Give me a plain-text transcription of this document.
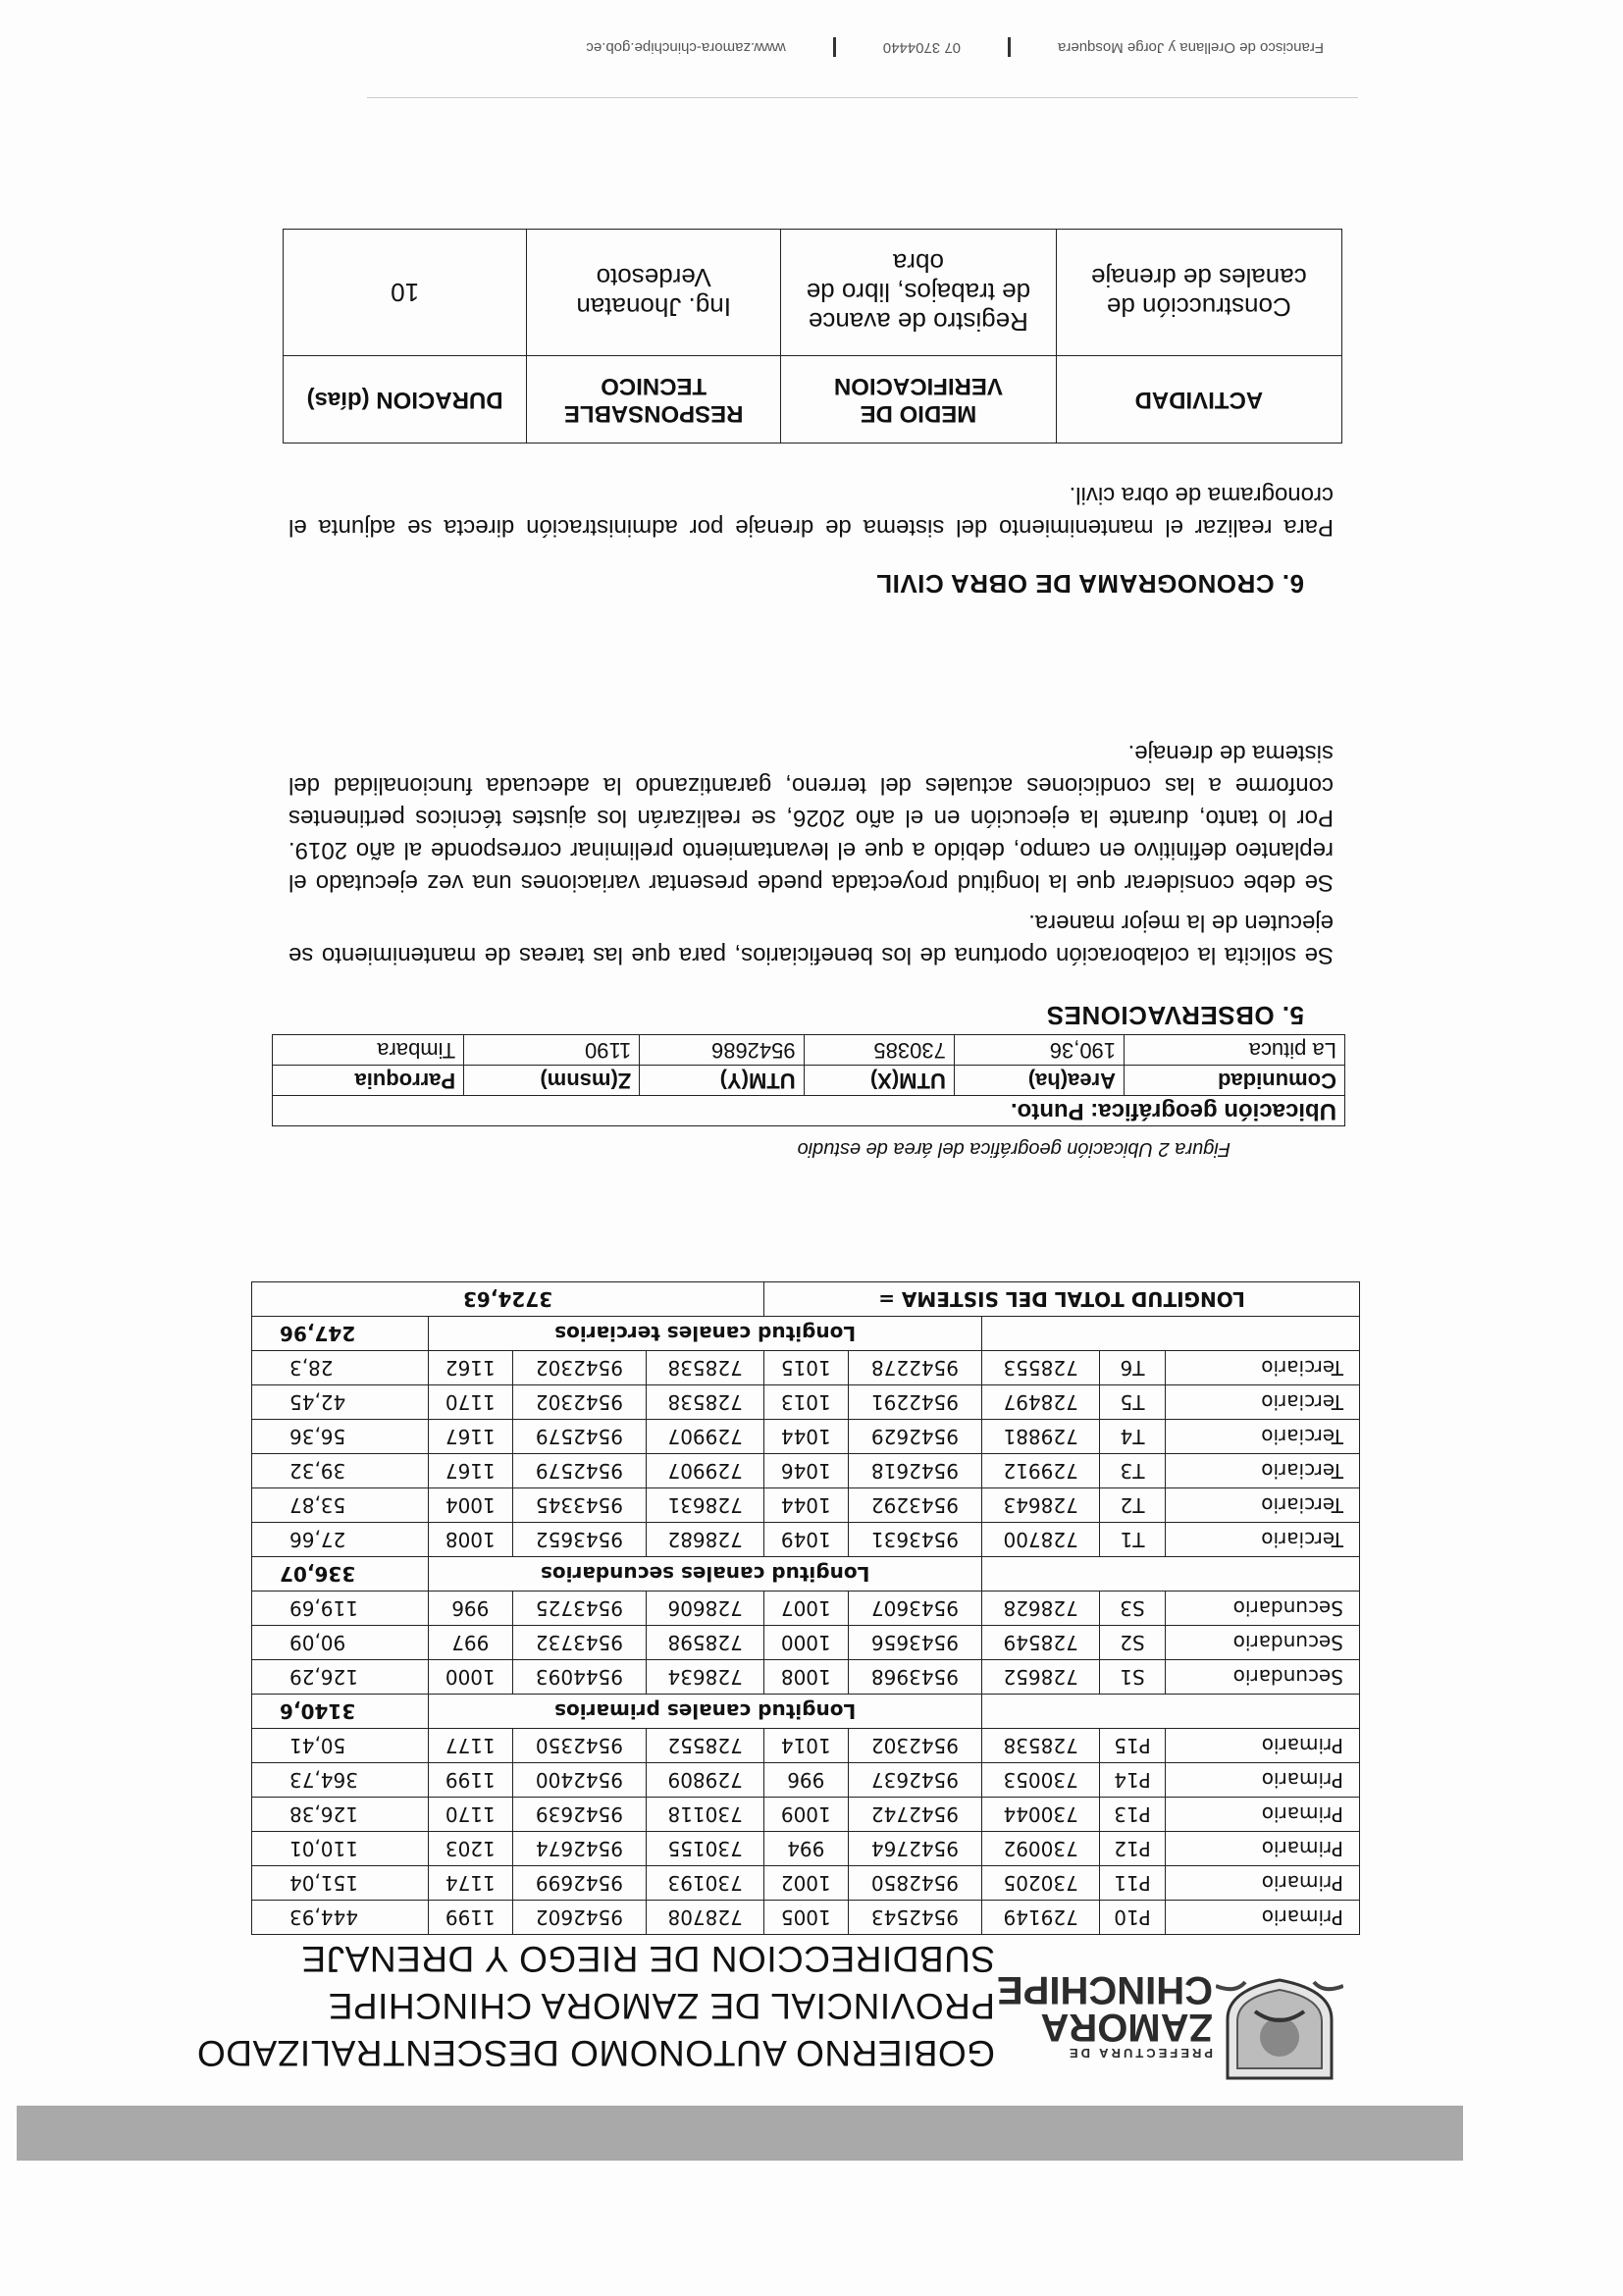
PREFECTURA DE
ZAMORA
CHINCHIPE
GOBIERNO AUTONOMO DESCENTRALIZADO
PROVINCIAL DE ZAMORA CHINCHIPE
SUBDIRECCION DE RIEGO Y DRENAJE
Primario	P10	729149	9542543	1005	728708	9542602	1199	444,93
Primario	P11	730205	9542850	1002	730193	9542699	1174	151,04
Primario	P12	730092	9542764	994	730155	9542674	1203	110,01
Primario	P13	730044	9542742	1009	730118	9542639	1170	126,38
Primario	P14	730053	9542637	996	729809	9542400	1199	364,73
Primario	P15	728538	9542302	1014	728552	9542350	1177	50,41
			Longitud canales primarios					3140,6
Secundario	S1	728652	9543968	1008	728634	9544093	1000	126,29
Secundario	S2	728549	9543656	1000	728598	9543732	997	90,09
Secundario	S3	728628	9543607	1007	728606	9543725	996	119,69
			Longitud canales secundarios					336,07
Terciario	T1	728700	9543631	1049	728682	9543652	1008	27,66
Terciario	T2	728643	9543292	1044	728631	9543345	1004	53,87
Terciario	T3	729912	9542618	1046	729907	9542579	1167	39,32
Terciario	T4	729881	9542629	1044	729907	9542579	1167	56,36
Terciario	T5	728497	9542291	1013	728538	9542302	1170	42,45
Terciario	T6	728553	9542278	1015	728538	9542302	1162	28,3
			Longitud canales terciarios					247,96
LONGITUD TOTAL DEL SISTEMA =					3724,63			
Figura 2 Ubicación geográfica del área de estudio
Ubicación geográfica: Punto.					
Comunidad	Area(ha)	UTM(X)	UTM(Y)	Z(msnm)	Parroquia
La pituca	190,36	730385	9542686	1190	Timbara
5. OBSERVACIONES

Se solicita la colaboración oportuna de los beneficiarios, para que las tareas de mantenimiento se ejecuten de la mejor manera.

Se debe considerar que la longitud proyectada puede presentar variaciones una vez ejecutado el replanteo definitivo en campo, debido a que el levantamiento preliminar corresponde al año 2019. Por lo tanto, durante la ejecución en el año 2026, se realizarán los ajustes técnicos pertinentes conforme a las condiciones actuales del terreno, garantizando la adecuada funcionalidad del sistema de drenaje.

6. CRONOGRAMA DE OBRA CIVIL

Para realizar el mantenimiento del sistema de drenaje por administración directa se adjunta el cronograma de obra civil.

ACTIVIDAD	MEDIO DE VERIFICACION	RESPONSABLE TECNICO	DURACION (días)
Construcción de canales de drenaje	Registro de avance de trabajos, libro de obra	Ing. Jhonatan Verdesoto	10
Francisco de Orellana y Jorge Mosquera07 3704440www.zamora-chinchipe.gob.ec
